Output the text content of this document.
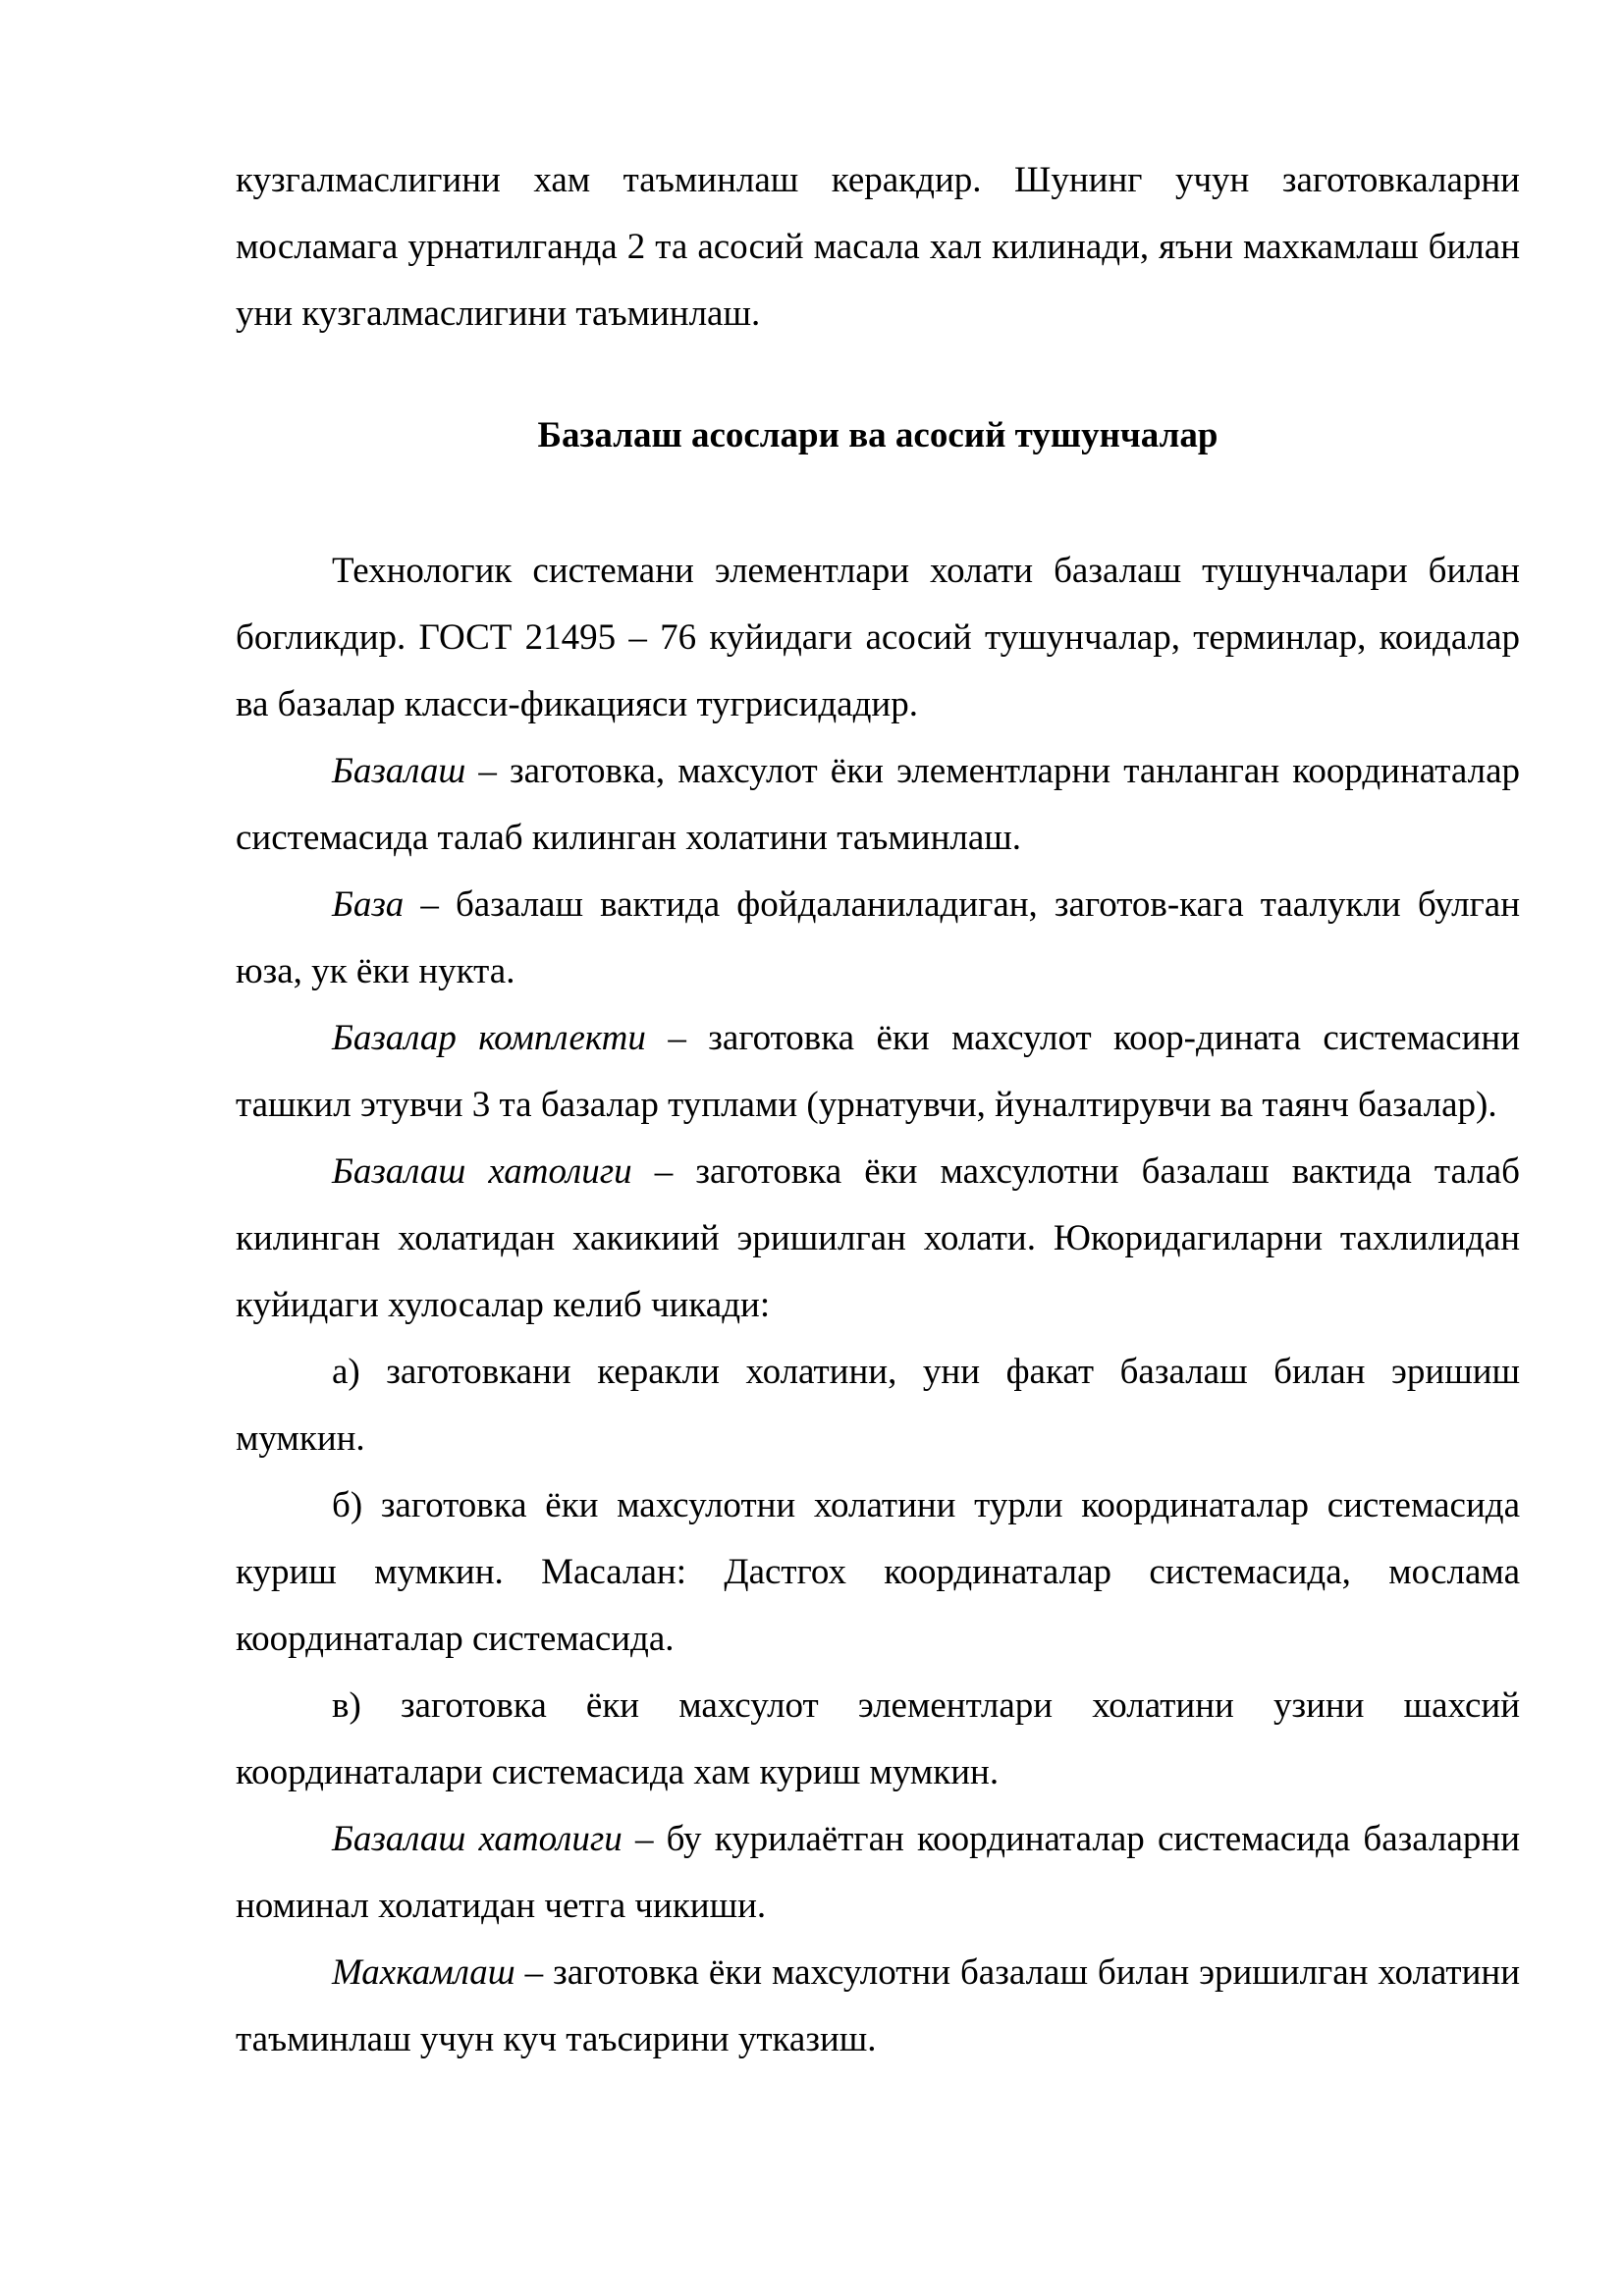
кузгалмаслигини хам таъминлаш керакдир. Шунинг учун заготовкаларни мосламага урнатилганда 2 та асосий масала хал килинади, яъни махкамлаш билан уни кузгалмаслигини таъминлаш.

Базалаш асослари ва асосий тушунчалар

Технологик системани элементлари холати базалаш тушунчалари билан богликдир. ГОСТ 21495 – 76 куйидаги асосий тушунчалар, терминлар, коидалар ва базалар класси-фикацияси тугрисидадир.

Базалаш – заготовка, махсулот ёки элементларни танланган координаталар системасида талаб килинган холатини таъминлаш.

База – базалаш вактида фойдаланиладиган, заготов-кага таалукли булган юза, ук ёки нукта.

Базалар комплекти – заготовка ёки махсулот коор-дината системасини ташкил этувчи 3 та базалар туплами (урнатувчи, йуналтирувчи ва таянч базалар).

Базалаш хатолиги – заготовка ёки махсулотни базалаш вактида талаб килинган холатидан хакикиий эришилган холати. Юкоридагиларни тахлилидан куйидаги хулосалар келиб чикади:

а) заготовкани керакли холатини, уни факат базалаш билан эришиш мумкин.

б) заготовка ёки махсулотни холатини турли координаталар системасида куриш мумкин. Масалан: Дастгох координаталар системасида, мослама координаталар системасида.

в) заготовка ёки махсулот элементлари холатини узини шахсий координаталари системасида хам куриш мумкин.

Базалаш хатолиги – бу курилаётган координаталар системасида базаларни номинал холатидан четга чикиши.

Махкамлаш – заготовка ёки махсулотни базалаш билан эришилган холатини таъминлаш учун куч таъсирини утказиш.
